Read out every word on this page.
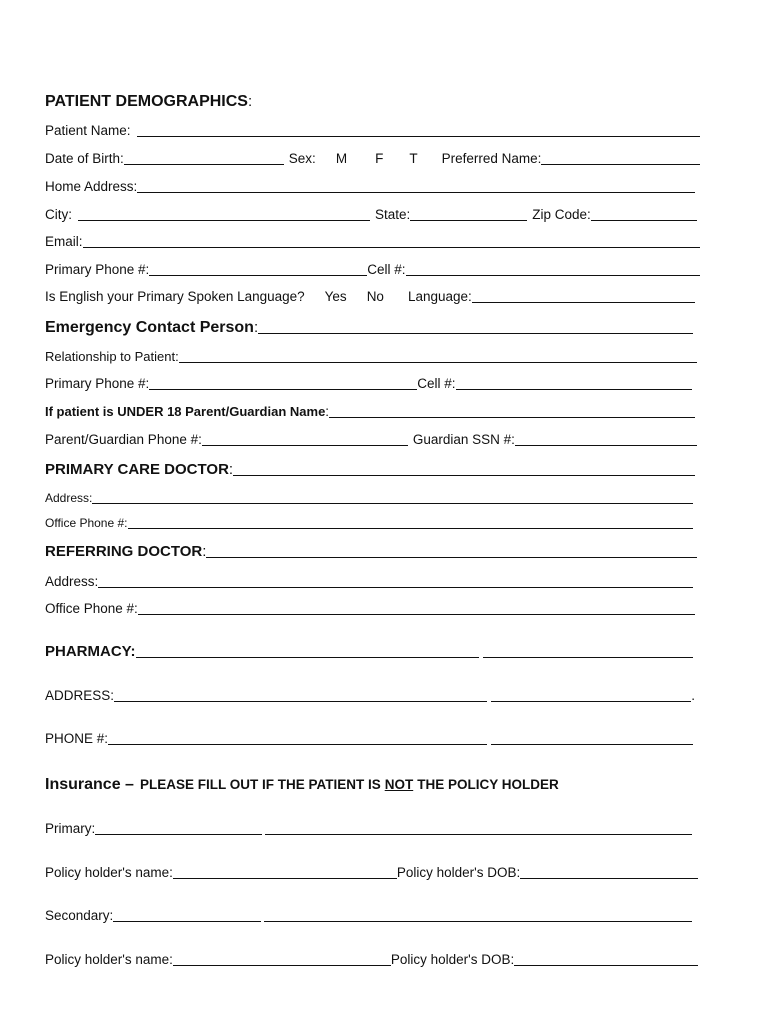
PATIENT DEMOGRAPHICS :
Patient Name:
Date of Birth:	Sex: M F T Preferred Name:
Home Address:
City:	State:	Zip Code:
Email:
Primary Phone #:	Cell #:
Is English your Primary Spoken Language? Yes No Language:
Emergency Contact Person :
Relationship to Patient:
Primary Phone #:	Cell #:
If patient is UNDER 18 Parent/Guardian Name :
Parent/Guardian Phone #:	Guardian SSN #:
PRIMARY CARE DOCTOR :
Address:
Office Phone #:
REFERRING DOCTOR :
Address:
Office Phone #:
PHARMACY:
ADDRESS:	.
PHONE #:
Insurance – PLEASE FILL OUT IF THE PATIENT IS NOT THE POLICY HOLDER
Primary:
Policy holder's name:	Policy holder's DOB:
Secondary:
Policy holder's name:	Policy holder's DOB:
